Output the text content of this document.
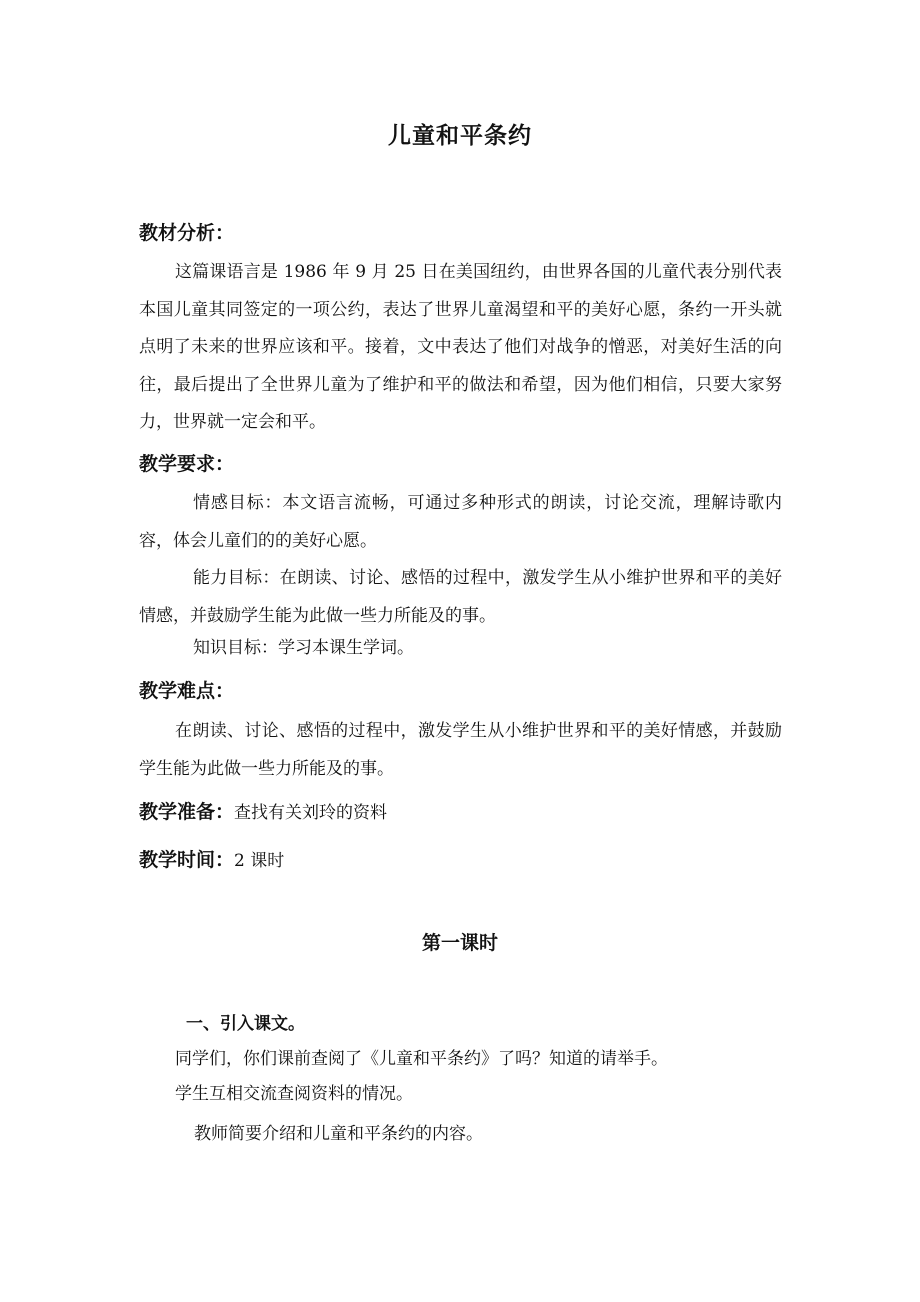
儿童和平条约
教材分析：
这篇课语言是 1986 年 9 月 25 日在美国纽约，由世界各国的儿童代表分别代表本国儿童其同签定的一项公约，表达了世界儿童渴望和平的美好心愿，条约一开头就点明了未来的世界应该和平。接着，文中表达了他们对战争的憎恶，对美好生活的向往，最后提出了全世界儿童为了维护和平的做法和希望，因为他们相信，只要大家努力，世界就一定会和平。
教学要求：
情感目标：本文语言流畅，可通过多种形式的朗读，讨论交流，理解诗歌内容，体会儿童们的的美好心愿。
能力目标：在朗读、讨论、感悟的过程中，激发学生从小维护世界和平的美好情感，并鼓励学生能为此做一些力所能及的事。
知识目标：学习本课生学词。
教学难点：
在朗读、讨论、感悟的过程中，激发学生从小维护世界和平的美好情感，并鼓励学生能为此做一些力所能及的事。
教学准备：查找有关刘玲的资料
教学时间：2 课时
第一课时
一、引入课文。
同学们，你们课前查阅了《儿童和平条约》了吗？知道的请举手。
学生互相交流查阅资料的情况。
教师简要介绍和儿童和平条约的内容。
